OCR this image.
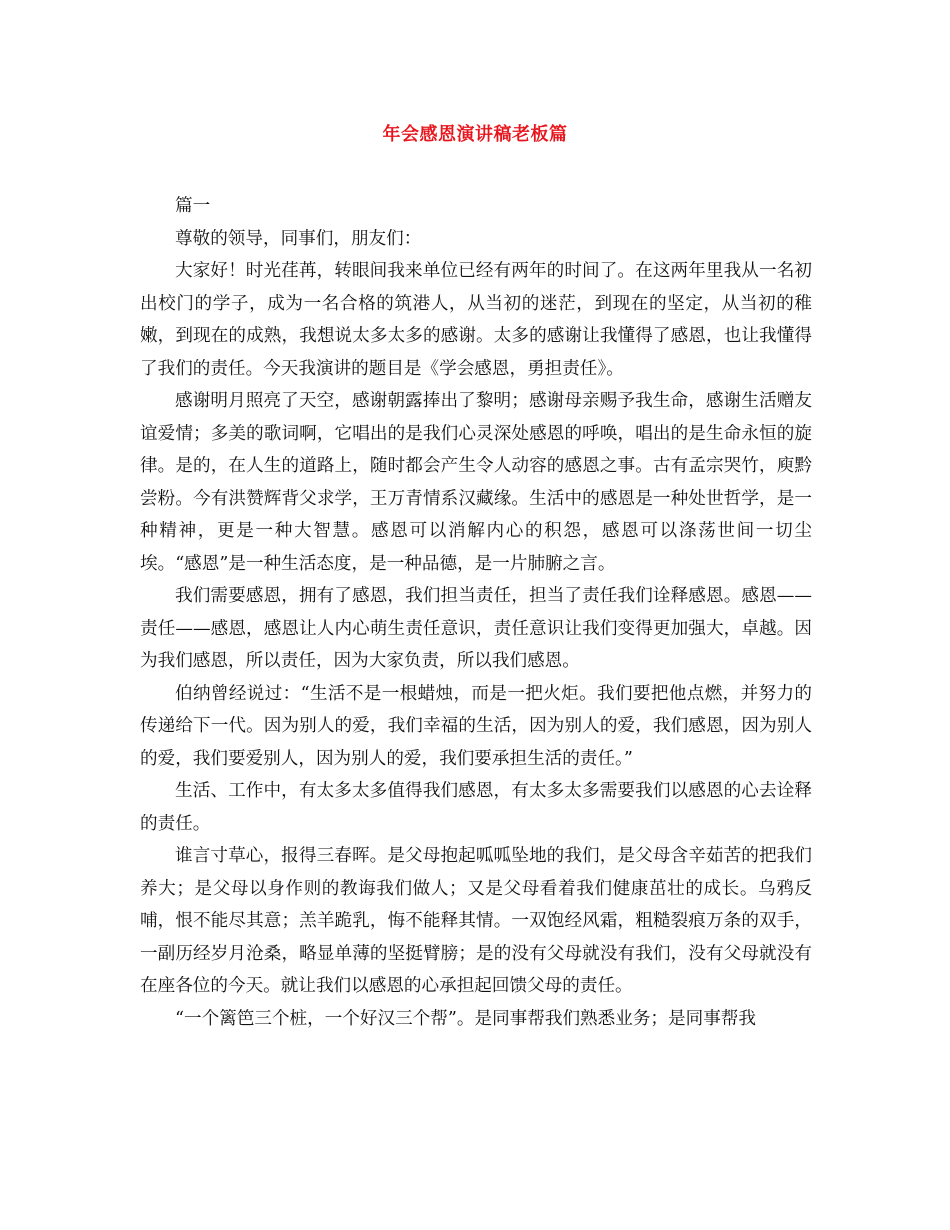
年会感恩演讲稿老板篇

篇一

尊敬的领导，同事们，朋友们：

大家好！时光荏苒，转眼间我来单位已经有两年的时间了。在这两年里我从一名初出校门的学子，成为一名合格的筑港人，从当初的迷茫，到现在的坚定，从当初的稚嫩，到现在的成熟，我想说太多太多的感谢。太多的感谢让我懂得了感恩，也让我懂得了我们的责任。今天我演讲的题目是《学会感恩，勇担责任》。

感谢明月照亮了天空，感谢朝露捧出了黎明；感谢母亲赐予我生命，感谢生活赠友谊爱情；多美的歌词啊，它唱出的是我们心灵深处感恩的呼唤，唱出的是生命永恒的旋律。是的，在人生的道路上，随时都会产生令人动容的感恩之事。古有孟宗哭竹，庾黔尝粉。今有洪赞辉背父求学，王万青情系汉藏缘。生活中的感恩是一种处世哲学，是一种精神，更是一种大智慧。感恩可以消解内心的积怨，感恩可以涤荡世间一切尘埃。“感恩”是一种生活态度，是一种品德，是一片肺腑之言。

我们需要感恩，拥有了感恩，我们担当责任，担当了责任我们诠释感恩。感恩——责任——感恩，感恩让人内心萌生责任意识，责任意识让我们变得更加强大，卓越。因为我们感恩，所以责任，因为大家负责，所以我们感恩。

伯纳曾经说过：“生活不是一根蜡烛，而是一把火炬。我们要把他点燃，并努力的传递给下一代。因为别人的爱，我们幸福的生活，因为别人的爱，我们感恩，因为别人的爱，我们要爱别人，因为别人的爱，我们要承担生活的责任。”

生活、工作中，有太多太多值得我们感恩，有太多太多需要我们以感恩的心去诠释的责任。

谁言寸草心，报得三春晖。是父母抱起呱呱坠地的我们，是父母含辛茹苦的把我们养大；是父母以身作则的教诲我们做人；又是父母看着我们健康茁壮的成长。乌鸦反哺，恨不能尽其意；羔羊跪乳，悔不能释其情。一双饱经风霜，粗糙裂痕万条的双手，一副历经岁月沧桑，略显单薄的坚挺臂膀；是的没有父母就没有我们，没有父母就没有在座各位的今天。就让我们以感恩的心承担起回馈父母的责任。

“一个篱笆三个桩，一个好汉三个帮”。是同事帮我们熟悉业务；是同事帮我
